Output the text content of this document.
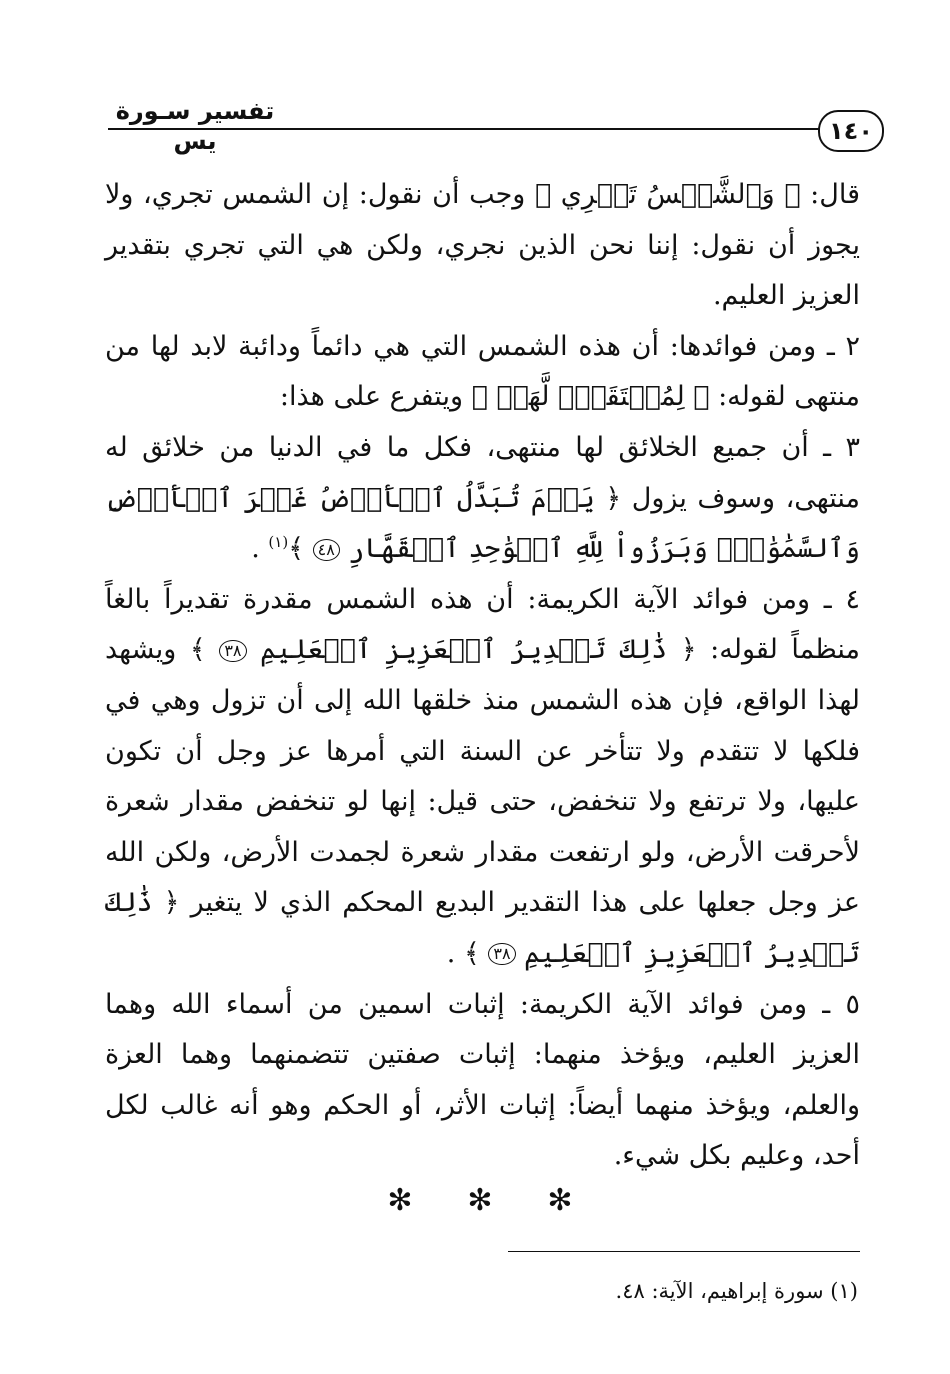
تفسير سـورة يس	١٤٠

قال: ﴿ وَٱلشَّمۡسُ تَجۡرِي ﴾ وجب أن نقول: إن الشمس تجري، ولا يجوز أن نقول: إننا نحن الذين نجري، ولكن هي التي تجري بتقدير العزيز العليم.

٢ ـ ومن فوائدها: أن هذه الشمس التي هي دائماً ودائبة لابد لها من منتهى لقوله: ﴿ لِمُسۡتَقَرّٖ لَّهَاۚ ﴾ ويتفرع على هذا:

٣ ـ أن جميع الخلائق لها منتهى، فكل ما في الدنيا من خلائق له منتهى، وسوف يزول ﴿ يَوۡمَ تُبَدَّلُ ٱلۡأَرۡضُ غَيۡرَ ٱلۡأَرۡضِ وَٱلسَّمَٰوَٰتُۖ وَبَرَزُواْ لِلَّهِ ٱلۡوَٰحِدِ ٱلۡقَهَّارِ ٤٨ ﴾$^{(١)}$ .

٤ ـ ومن فوائد الآية الكريمة: أن هذه الشمس مقدرة تقديراً بالغاً منظماً لقوله: ﴿ ذَٰلِكَ تَقۡدِيرُ ٱلۡعَزِيزِ ٱلۡعَلِيمِ ٣٨ ﴾ ويشهد لهذا الواقع، فإن هذه الشمس منذ خلقها الله إلى أن تزول وهي في فلكها لا تتقدم ولا تتأخر عن السنة التي أمرها عز وجل أن تكون عليها، ولا ترتفع ولا تنخفض، حتى قيل: إنها لو تنخفض مقدار شعرة لأحرقت الأرض، ولو ارتفعت مقدار شعرة لجمدت الأرض، ولكن الله عز وجل جعلها على هذا التقدير البديع المحكم الذي لا يتغير ﴿ ذَٰلِكَ تَقۡدِيرُ ٱلۡعَزِيزِ ٱلۡعَلِيمِ ٣٨ ﴾ .

٥ ـ ومن فوائد الآية الكريمة: إثبات اسمين من أسماء الله وهما العزيز العليم، ويؤخذ منهما: إثبات صفتين تتضمنهما وهما العزة والعلم، ويؤخذ منهما أيضاً: إثبات الأثر، أو الحكم وهو أنه غالب لكل أحد، وعليم بكل شيء.

✻ ✻ ✻
(١) سورة إبراهيم، الآية: ٤٨.
